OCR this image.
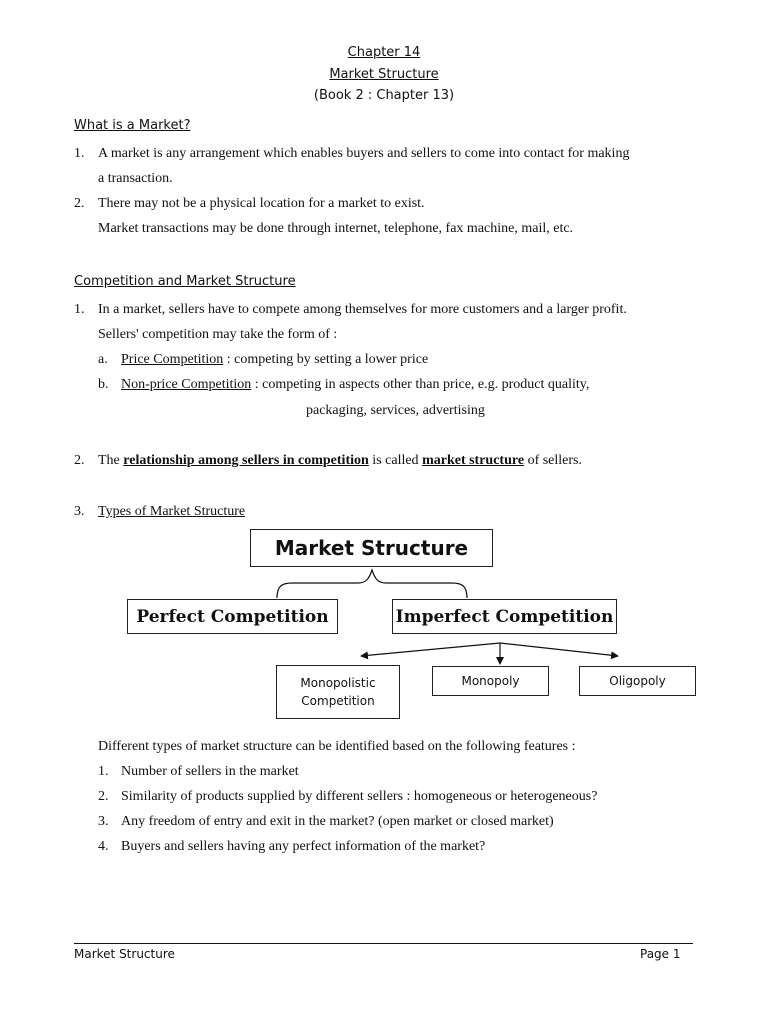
Chapter 14
Market Structure
(Book 2 : Chapter 13)
What is a Market?
1. A market is any arrangement which enables buyers and sellers to come into contact for making
a transaction.
2. There may not be a physical location for a market to exist.
Market transactions may be done through internet, telephone, fax machine, mail, etc.
Competition and Market Structure
1. In a market, sellers have to compete among themselves for more customers and a larger profit.
Sellers' competition may take the form of :
a. Price Competition : competing by setting a lower price
b. Non-price Competition : competing in aspects other than price, e.g. product quality,
packaging, services, advertising
2. The relationship among sellers in competition is called market structure of sellers.
3. Types of Market Structure
Market Structure
Perfect Competition	Imperfect Competition
Monopolistic
Competition
Monopoly	Oligopoly
Different types of market structure can be identified based on the following features :
1. Number of sellers in the market
2. Similarity of products supplied by different sellers : homogeneous or heterogeneous?
3. Any freedom of entry and exit in the market? (open market or closed market)
4. Buyers and sellers having any perfect information of the market?
Market Structure	Page 1
